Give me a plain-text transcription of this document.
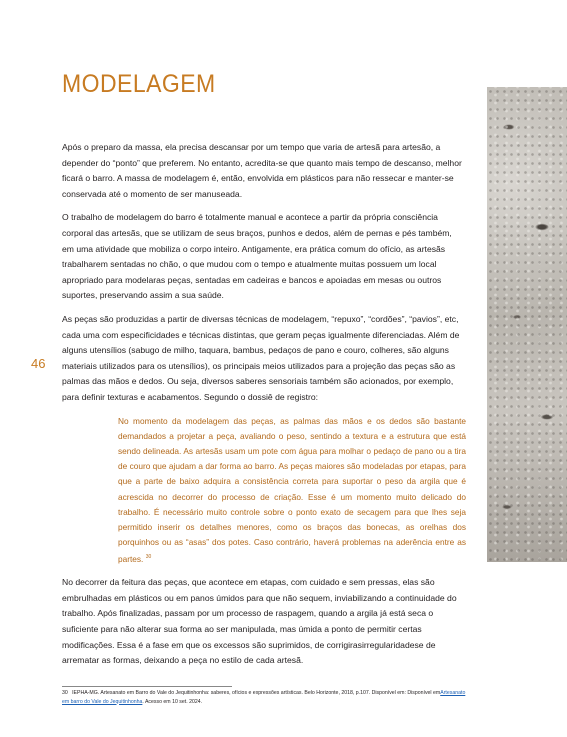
MODELAGEM
46

Após o preparo da massa, ela precisa descansar por um tempo que varia de artesã para artesão, a depender do “ponto” que preferem. No entanto, acredita-se que quanto mais tempo de descanso, melhor ficará o barro. A massa de modelagem é, então, envolvida em plásticos para não ressecar e manter-se conservada até o momento de ser manuseada.

O trabalho de modelagem do barro é totalmente manual e acontece a partir da própria consciência corporal das artesãs, que se utilizam de seus braços, punhos e dedos, além de pernas e pés também, em uma atividade que mobiliza o corpo inteiro. Antigamente, era prática comum do ofício, as artesãs trabalharem sentadas no chão, o que mudou com o tempo e atualmente muitas possuem um local apropriado para modelaras peças, sentadas em cadeiras e bancos e apoiadas em mesas ou outros suportes, preservando assim a sua saúde.

As peças são produzidas a partir de diversas técnicas de modelagem, “repuxo”, “cordões”, “pavios”, etc, cada uma com especificidades e técnicas distintas, que geram peças igualmente diferenciadas. Além de alguns utensílios (sabugo de milho, taquara, bambus, pedaços de pano e couro, colheres, são alguns materiais utilizados para os utensílios), os principais meios utilizados para a projeção das peças são as palmas das mãos e dedos. Ou seja, diversos saberes sensoriais também são acionados, por exemplo, para definir texturas e acabamentos. Segundo o dossiê de registro:

No momento da modelagem das peças, as palmas das mãos e os dedos são bastante demandados a projetar a peça, avaliando o peso, sentindo a textura e a estrutura que está sendo delineada. As artesãs usam um pote com água para molhar o pedaço de pano ou a tira de couro que ajudam a dar forma ao barro. As peças maiores são modeladas por etapas, para que a parte de baixo adquira a consistência correta para suportar o peso da argila que é acrescida no decorrer do processo de criação. Esse é um momento muito delicado do trabalho. É necessário muito controle sobre o ponto exato de secagem para que lhes seja permitido inserir os detalhes menores, como os braços das bonecas, as orelhas dos porquinhos ou as “asas” dos potes. Caso contrário, haverá problemas na aderência entre as partes. $^{30}$

No decorrer da feitura das peças, que acontece em etapas, com cuidado e sem pressas, elas são embrulhadas em plásticos ou em panos úmidos para que não sequem, inviabilizando a continuidade do trabalho. Após finalizadas, passam por um processo de raspagem, quando a argila já está seca o suficiente para não alterar sua forma ao ser manipulada, mas úmida a ponto de permitir certas modificações. Essa é a fase em que os excessos são suprimidos, de corrigirasirregularidadese de arrematar as formas, deixando a peça no estilo de cada artesã.

30 IEPHA-MG. Artesanato em Barro do Vale do Jequitinhonha: saberes, ofícios e expressões artísticas. Belo Horizonte, 2018, p.107. Disponível em: Disponível emArtesanato em barro do Vale do Jequitinhonha. Acesso em 10 set. 2024.
